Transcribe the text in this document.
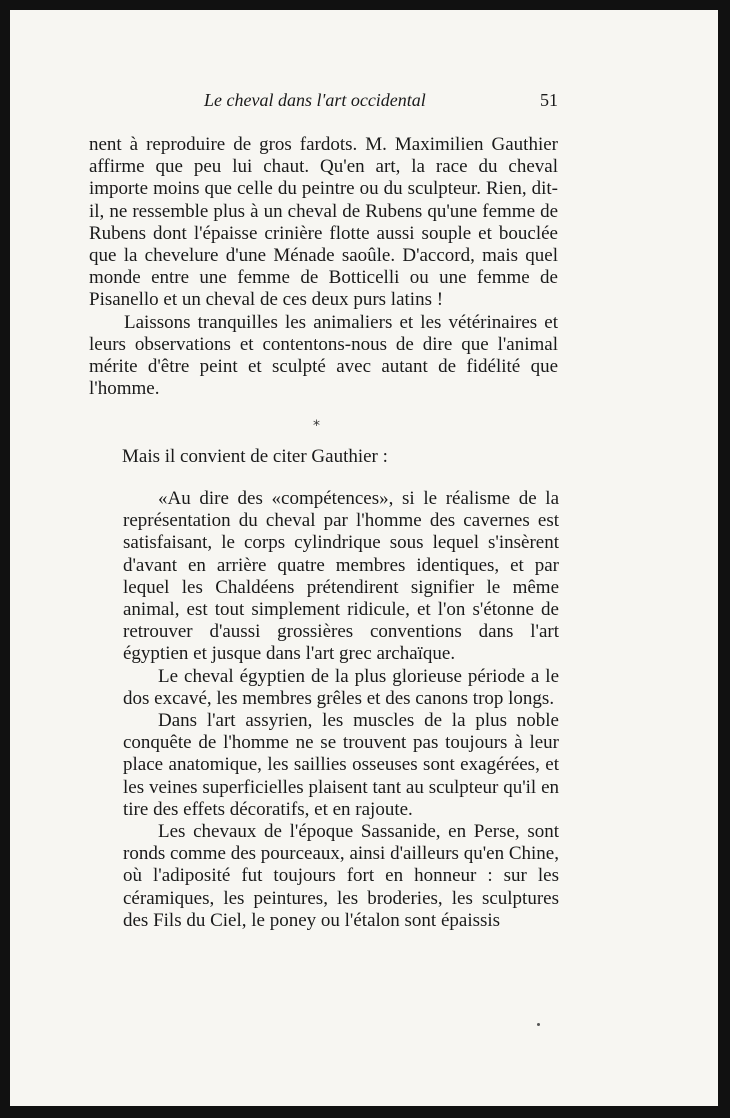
Le cheval dans l'art occidental	51

nent à reproduire de gros fardots. M. Maximilien Gauthier affirme que peu lui chaut. Qu'en art, la race du cheval importe moins que celle du peintre ou du sculpteur. Rien, dit-il, ne ressemble plus à un cheval de Rubens qu'une femme de Rubens dont l'épaisse crinière flotte aussi souple et bouclée que la chevelure d'une Ménade saoûle. D'accord, mais quel monde entre une femme de Botticelli ou une femme de Pisanello et un cheval de ces deux purs latins !

Laissons tranquilles les animaliers et les vétérinaires et leurs observations et contentons-nous de dire que l'animal mérite d'être peint et sculpté avec autant de fidélité que l'homme.

*
Mais il convient de citer Gauthier :

«Au dire des «compétences», si le réalisme de la représentation du cheval par l'homme des cavernes est satisfaisant, le corps cylindrique sous lequel s'insèrent d'avant en arrière quatre membres identiques, et par lequel les Chaldéens prétendirent signifier le même animal, est tout simplement ridicule, et l'on s'étonne de retrouver d'aussi grossières conventions dans l'art égyptien et jusque dans l'art grec archaïque.

Le cheval égyptien de la plus glorieuse période a le dos excavé, les membres grêles et des canons trop longs.

Dans l'art assyrien, les muscles de la plus noble conquête de l'homme ne se trouvent pas toujours à leur place anatomique, les saillies osseuses sont exagérées, et les veines superficielles plaisent tant au sculpteur qu'il en tire des effets décoratifs, et en rajoute.

Les chevaux de l'époque Sassanide, en Perse, sont ronds comme des pourceaux, ainsi d'ailleurs qu'en Chine, où l'adiposité fut toujours fort en honneur : sur les céramiques, les peintures, les broderies, les sculptures des Fils du Ciel, le poney ou l'étalon sont épaissis
